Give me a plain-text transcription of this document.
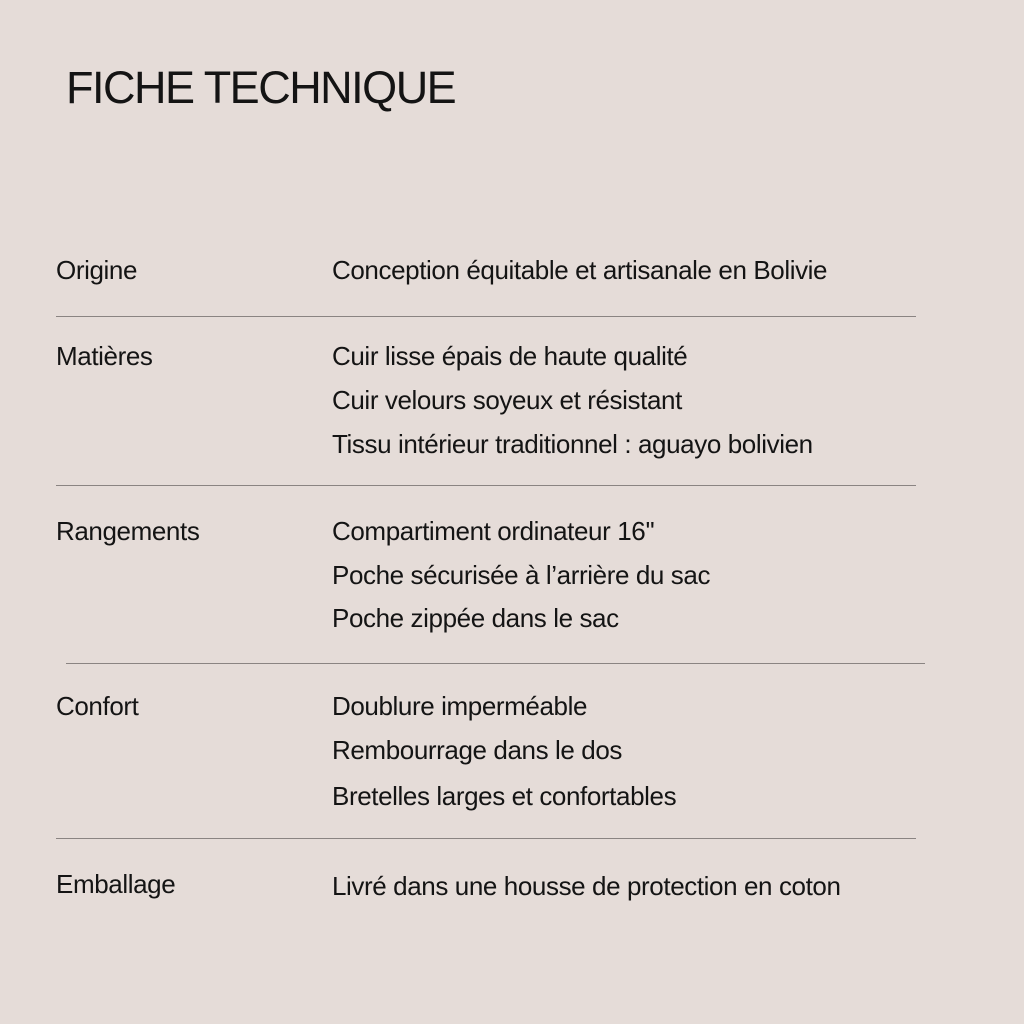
FICHE TECHNIQUE
Origine	Conception équitable et artisanale en Bolivie
Matières	Cuir lisse épais de haute qualité
Cuir velours soyeux et résistant
Tissu intérieur traditionnel : aguayo bolivien
Rangements	Compartiment ordinateur 16''
Poche sécurisée à l’arrière du sac
Poche zippée dans le sac
Confort	Doublure imperméable
Rembourrage dans le dos
Bretelles larges et confortables
Emballage	Livré dans une housse de protection en coton
